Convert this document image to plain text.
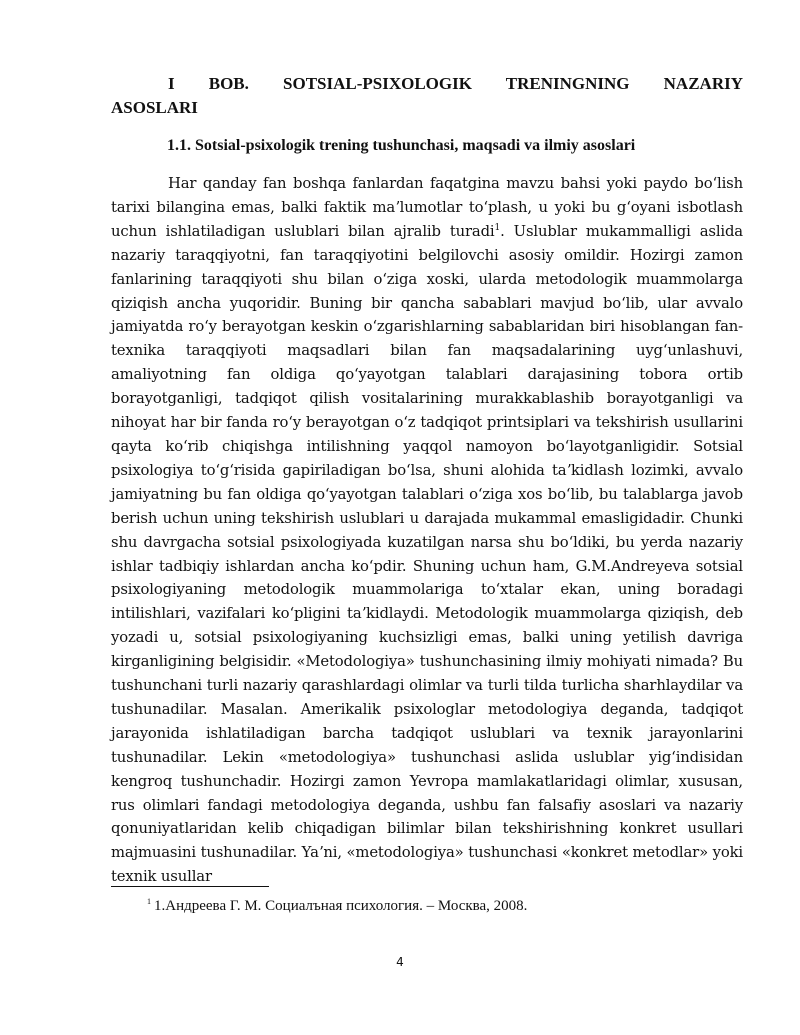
I BOB. SOTSIAL-PSIXOLOGIK TRENINGNING NAZARIY
ASOSLARI
1.1. Sotsial-psixologik trening tushunchasi, maqsadi va ilmiy asoslari

Har qanday fan boshqa fanlardan faqatgina mavzu bahsi yoki paydo boʻlish tarixi bilangina emas, balki faktik maʼlumotlar toʻplash, u yoki bu gʻoyani isbotlash uchun ishlatiladigan uslublari bilan ajralib turadi$^1$. Uslublar mukammalligi aslida nazariy taraqqiyotni, fan taraqqiyotini belgilovchi asosiy omildir. Hozirgi zamon fanlarining taraqqiyoti shu bilan oʻziga xoski, ularda metodologik muammolarga qiziqish ancha yuqoridir. Buning bir qancha sabablari mavjud boʻlib, ular avvalo jamiyatda roʻy berayotgan keskin oʻzgarishlarning sabablaridan biri hisoblangan fan-texnika taraqqiyoti maqsadlari bilan fan maqsadalarining uygʻunlashuvi, amaliyotning fan oldiga qoʻyayotgan talablari darajasining tobora ortib borayotganligi, tadqiqot qilish vositalarining murakkablashib borayotganligi va nihoyat har bir fanda roʻy berayotgan oʻz tadqiqot printsiplari va tekshirish usullarini qayta koʻrib chiqishga intilishning yaqqol namoyon boʻlayotganligidir. Sotsial psixologiya toʻgʻrisida gapiriladigan boʻlsa, shuni alohida taʼkidlash lozimki, avvalo jamiyatning bu fan oldiga qoʻyayotgan talablari oʻziga xos boʻlib, bu talablarga javob berish uchun uning tekshirish uslublari u darajada mukammal emasligidadir. Chunki shu davrgacha sotsial psixologiyada kuzatilgan narsa shu boʻldiki, bu yerda nazariy ishlar tadbiqiy ishlardan ancha koʻpdir. Shuning uchun ham, G.M.Andreyeva sotsial psixologiyaning metodologik muammolariga toʻxtalar ekan, uning boradagi intilishlari, vazifalari koʻpligini taʼkidlaydi. Metodologik muammolarga qiziqish, deb yozadi u, sotsial psixologiyaning kuchsizligi emas, balki uning yetilish davriga kirganligining belgisidir. «Metodologiya» tushunchasining ilmiy mohiyati nimada? Bu tushunchani turli nazariy qarashlardagi olimlar va turli tilda turlicha sharhlaydilar va tushunadilar. Masalan. Amerikalik psixologlar metodologiya deganda, tadqiqot jarayonida ishlatiladigan barcha tadqiqot uslublari va texnik jarayonlarini tushunadilar. Lekin «metodologiya» tushunchasi aslida uslublar yigʻindisidan kengroq tushunchadir. Hozirgi zamon Yevropa mamlakatlaridagi olimlar, xususan, rus olimlari fandagi metodologiya deganda, ushbu fan falsafiy asoslari va nazariy qonuniyatlaridan kelib chiqadigan bilimlar bilan tekshirishning konkret usullari majmuasini tushunadilar. Yaʼni, «metodologiya» tushunchasi «konkret metodlar» yoki texnik usullar

$^1$ 1.Андреева Г. М. Социалъная психология. – Москва, 2008.
4
